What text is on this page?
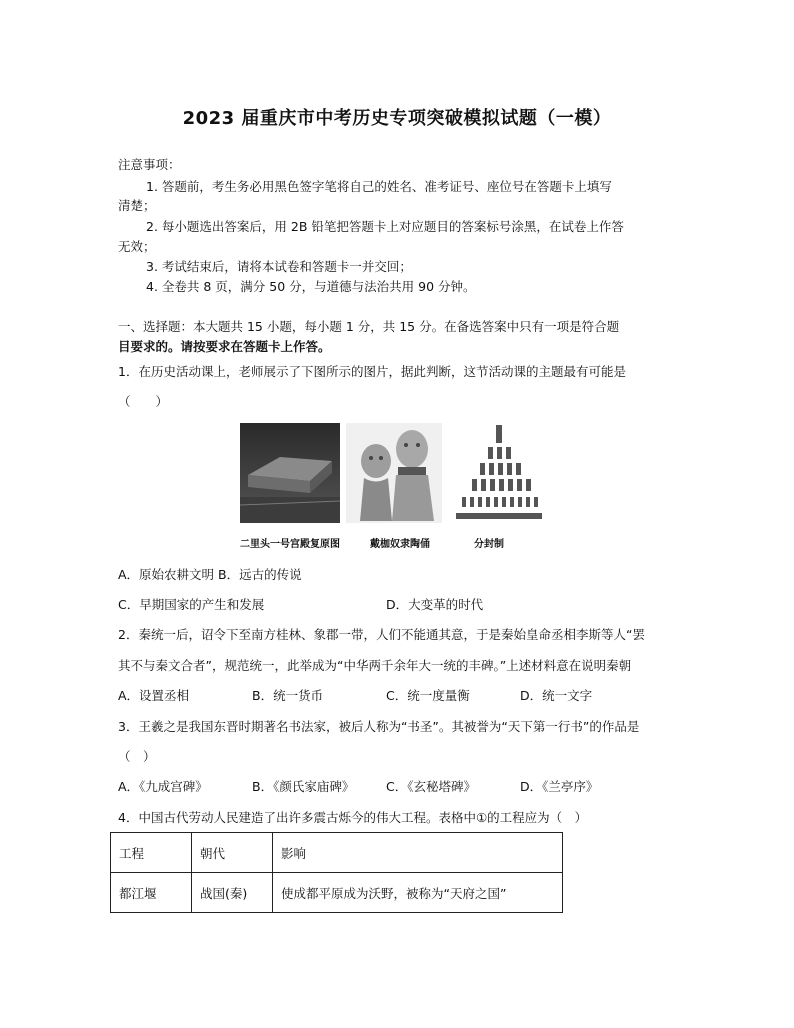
2023 届重庆市中考历史专项突破模拟试题（一模）
注意事项：
1. 答题前，考生务必用黑色签字笔将自己的姓名、准考证号、座位号在答题卡上填写
清楚；
2. 每小题选出答案后，用 2B 铅笔把答题卡上对应题目的答案标号涂黑，在试卷上作答
无效；
3. 考试结束后，请将本试卷和答题卡一并交回；
4. 全卷共 8 页，满分 50 分，与道德与法治共用 90 分钟。
一、选择题：本大题共 15 小题，每小题 1 分，共 15 分。在备选答案中只有一项是符合题
目要求的。请按要求在答题卡上作答。
1．在历史活动课上，老师展示了下图所示的图片，据此判断，这节活动课的主题最有可能是
（　　）
二里头一号宫殿复原图	戴枷奴隶陶俑	分封制
A．原始农耕文明 B．远古的传说
C．早期国家的产生和发展	D．大变革的时代
2．秦统一后，诏令下至南方桂林、象郡一带，人们不能通其意，于是秦始皇命丞相李斯等人“罢
其不与秦文合者”，规范统一，此举成为“中华两千余年大一统的丰碑。”上述材料意在说明秦朝
A．设置丞相	B．统一货币	C．统一度量衡	D．统一文字
3．王羲之是我国东晋时期著名书法家，被后人称为“书圣”。其被誉为“天下第一行书”的作品是
（　）
A．《九成宫碑》	B．《颜氏家庙碑》	C．《玄秘塔碑》	D．《兰亭序》
4．中国古代劳动人民建造了出许多震古烁今的伟大工程。表格中①的工程应为（　）
工程	朝代	影响
都江堰	战国(秦)	使成都平原成为沃野，被称为“天府之国”
